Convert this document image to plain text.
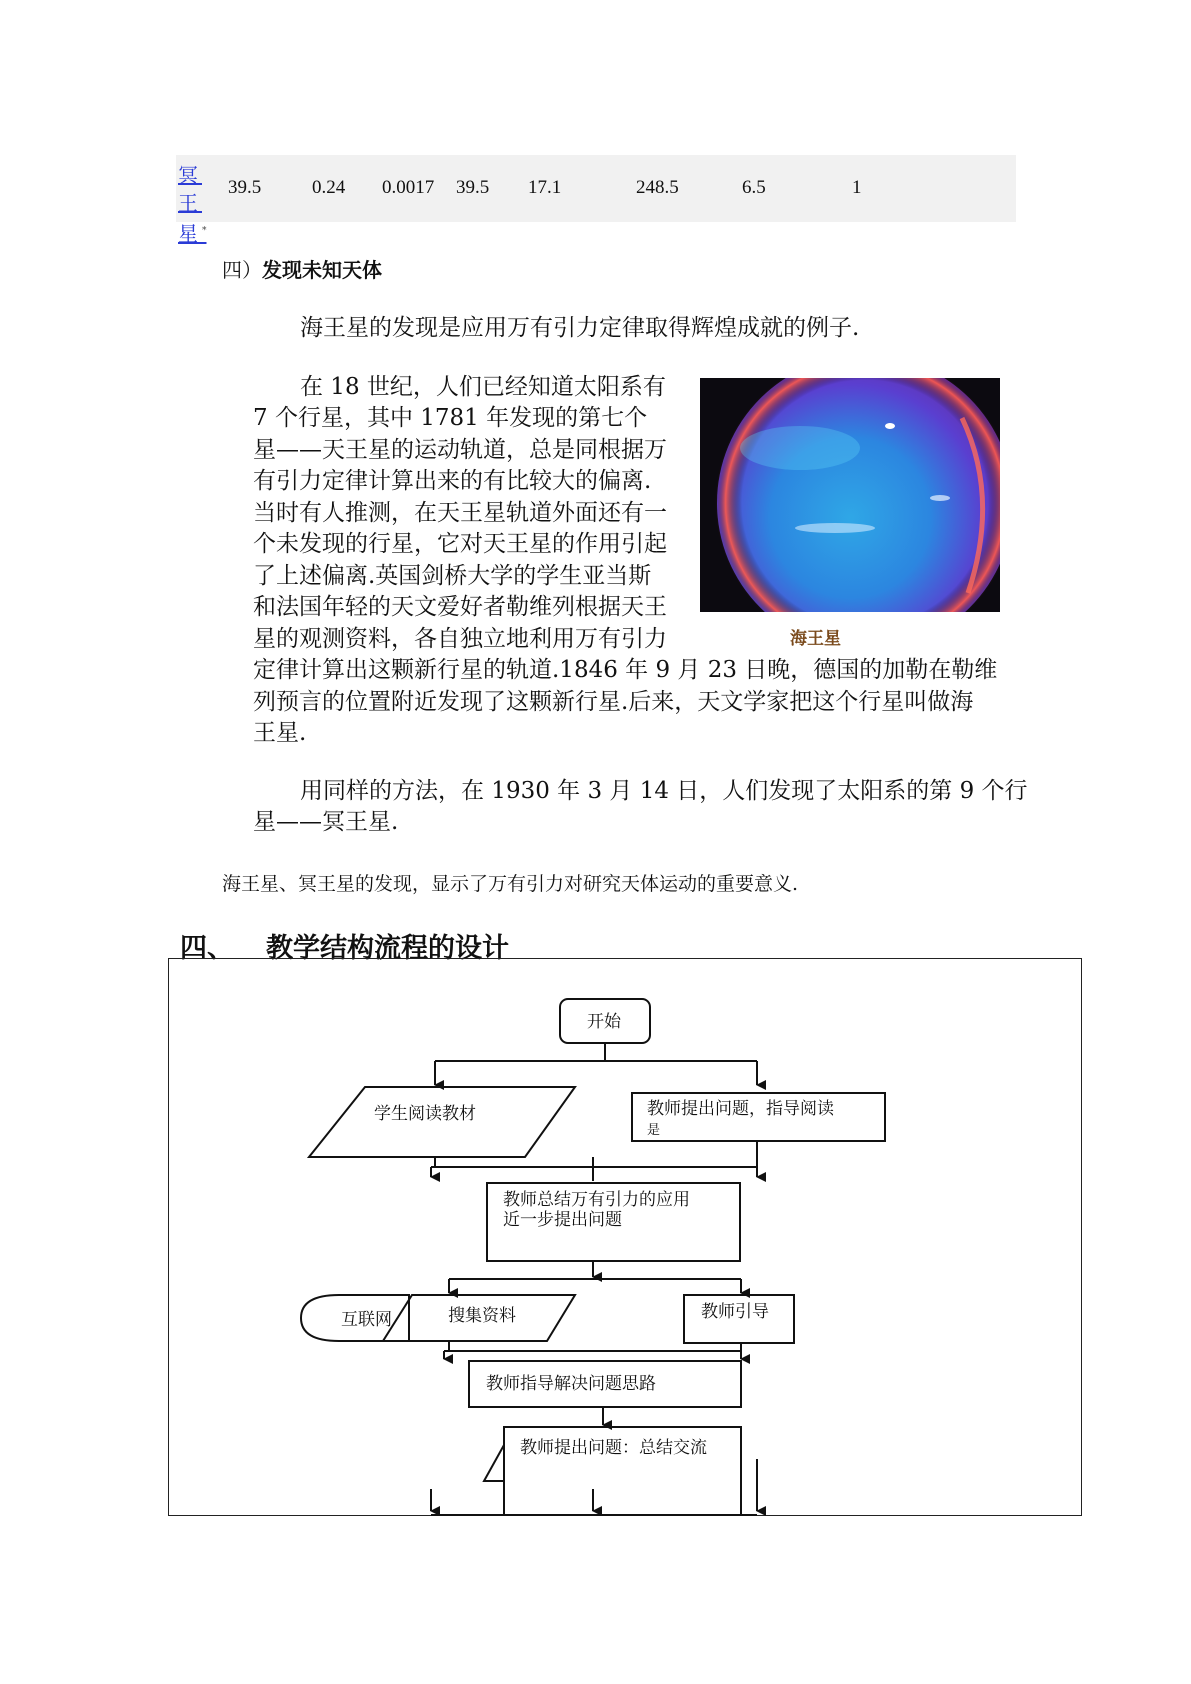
冥 王
星*
39.5	0.24 0.0017 39.5 17.1	248.5	6.5	1
四）发现未知天体
海王星的发现是应用万有引力定律取得辉煌成就的例子.
在 18 世纪，人们已经知道太阳系有
7 个行星，其中 1781 年发现的第七个
星——天王星的运动轨道，总是同根据万
有引力定律计算出来的有比较大的偏离.
当时有人推测，在天王星轨道外面还有一
个未发现的行星，它对天王星的作用引起
了上述偏离.英国剑桥大学的学生亚当斯
和法国年轻的天文爱好者勒维列根据天王
星的观测资料，各自独立地利用万有引力
定律计算出这颗新行星的轨道.1846 年 9 月 23 日晚，德国的加勒在勒维
列预言的位置附近发现了这颗新行星.后来，天文学家把这个行星叫做海
王星.
海王星
用同样的方法，在 1930 年 3 月 14 日，人们发现了太阳系的第 9 个行
星——冥王星.
海王星、冥王星的发现，显示了万有引力对研究天体运动的重要意义.
四、 教学结构流程的设计
开始
学生阅读教材	教师提出问题，指导阅读
是
教师总结万有引力的应用
近一步提出问题
互联网	搜集资料	教师引导
教师指导解决问题思路
教师提出问题：总结交流
